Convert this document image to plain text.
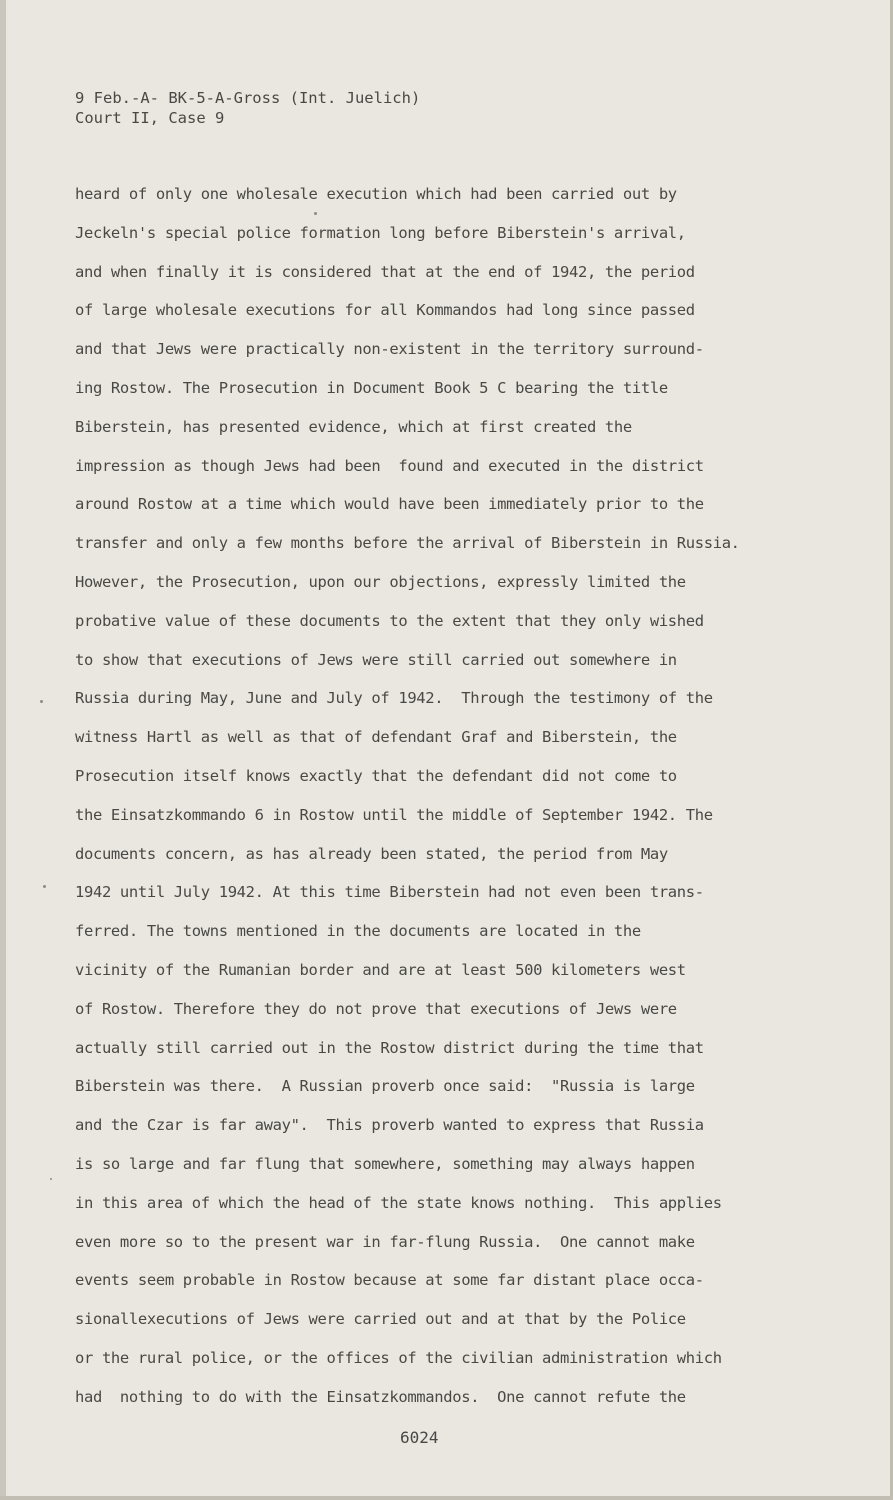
9 Feb.-A- BK-5-A-Gross (Int. Juelich)
Court II, Case 9
heard of only one wholesale execution which had been carried out by
Jeckeln's special police formation long before Biberstein's arrival,
and when finally it is considered that at the end of 1942, the period
of large wholesale executions for all Kommandos had long since passed
and that Jews were practically non-existent in the territory surround-
ing Rostow. The Prosecution in Document Book 5 C bearing the title
Biberstein, has presented evidence, which at first created the
impression as though Jews had been  found and executed in the district
around Rostow at a time which would have been immediately prior to the
transfer and only a few months before the arrival of Biberstein in Russia.
However, the Prosecution, upon our objections, expressly limited the
probative value of these documents to the extent that they only wished
to show that executions of Jews were still carried out somewhere in
Russia during May, June and July of 1942.  Through the testimony of the
witness Hartl as well as that of defendant Graf and Biberstein, the
Prosecution itself knows exactly that the defendant did not come to
the Einsatzkommando 6 in Rostow until the middle of September 1942. The
documents concern, as has already been stated, the period from May
1942 until July 1942. At this time Biberstein had not even been trans-
ferred. The towns mentioned in the documents are located in the
vicinity of the Rumanian border and are at least 500 kilometers west
of Rostow. Therefore they do not prove that executions of Jews were
actually still carried out in the Rostow district during the time that
Biberstein was there.  A Russian proverb once said:  "Russia is large
and the Czar is far away".  This proverb wanted to express that Russia
is so large and far flung that somewhere, something may always happen
in this area of which the head of the state knows nothing.  This applies
even more so to the present war in far-flung Russia.  One cannot make
events seem probable in Rostow because at some far distant place occa-
sionallexecutions of Jews were carried out and at that by the Police
or the rural police, or the offices of the civilian administration which
had  nothing to do with the Einsatzkommandos.  One cannot refute the
6024
